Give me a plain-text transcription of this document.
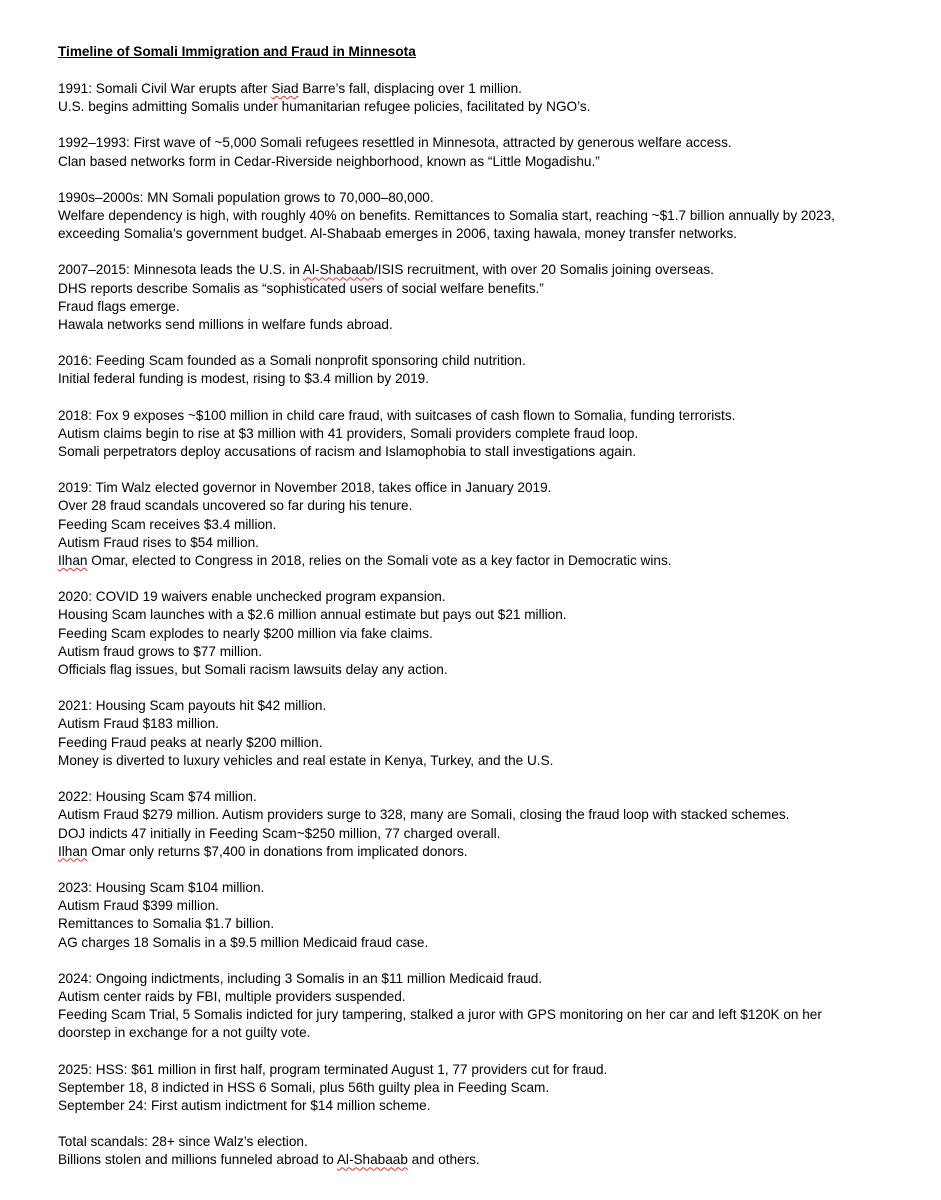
Timeline of Somali Immigration and Fraud in Minnesota
1991: Somali Civil War erupts after Siad Barre’s fall, displacing over 1 million.
U.S. begins admitting Somalis under humanitarian refugee policies, facilitated by NGO’s.
1992–1993: First wave of ~5,000 Somali refugees resettled in Minnesota, attracted by generous welfare access.
Clan based networks form in Cedar-Riverside neighborhood, known as “Little Mogadishu.”
1990s–2000s: MN Somali population grows to 70,000–80,000.
Welfare dependency is high, with roughly 40% on benefits. Remittances to Somalia start, reaching ~$1.7 billion annually by 2023,
exceeding Somalia’s government budget. Al-Shabaab emerges in 2006, taxing hawala, money transfer networks.
2007–2015: Minnesota leads the U.S. in Al-Shabaab/ISIS recruitment, with over 20 Somalis joining overseas.
DHS reports describe Somalis as “sophisticated users of social welfare benefits.”
Fraud flags emerge.
Hawala networks send millions in welfare funds abroad.
2016: Feeding Scam founded as a Somali nonprofit sponsoring child nutrition.
Initial federal funding is modest, rising to $3.4 million by 2019.
2018: Fox 9 exposes ~$100 million in child care fraud, with suitcases of cash flown to Somalia, funding terrorists.
Autism claims begin to rise at $3 million with 41 providers, Somali providers complete fraud loop.
Somali perpetrators deploy accusations of racism and Islamophobia to stall investigations again.
2019: Tim Walz elected governor in November 2018, takes office in January 2019.
Over 28 fraud scandals uncovered so far during his tenure.
Feeding Scam receives $3.4 million.
Autism Fraud rises to $54 million.
Ilhan Omar, elected to Congress in 2018, relies on the Somali vote as a key factor in Democratic wins.
2020: COVID 19 waivers enable unchecked program expansion.
Housing Scam launches with a $2.6 million annual estimate but pays out $21 million.
Feeding Scam explodes to nearly $200 million via fake claims.
Autism fraud grows to $77 million.
Officials flag issues, but Somali racism lawsuits delay any action.
2021: Housing Scam payouts hit $42 million.
Autism Fraud $183 million.
Feeding Fraud peaks at nearly $200 million.
Money is diverted to luxury vehicles and real estate in Kenya, Turkey, and the U.S.
2022: Housing Scam $74 million.
Autism Fraud $279 million. Autism providers surge to 328, many are Somali, closing the fraud loop with stacked schemes.
DOJ indicts 47 initially in Feeding Scam~$250 million, 77 charged overall.
Ilhan Omar only returns $7,400 in donations from implicated donors.
2023: Housing Scam $104 million.
Autism Fraud $399 million.
Remittances to Somalia $1.7 billion.
AG charges 18 Somalis in a $9.5 million Medicaid fraud case.
2024: Ongoing indictments, including 3 Somalis in an $11 million Medicaid fraud.
Autism center raids by FBI, multiple providers suspended.
Feeding Scam Trial, 5 Somalis indicted for jury tampering, stalked a juror with GPS monitoring on her car and left $120K on her
doorstep in exchange for a not guilty vote.
2025: HSS: $61 million in first half, program terminated August 1, 77 providers cut for fraud.
September 18, 8 indicted in HSS 6 Somali, plus 56th guilty plea in Feeding Scam.
September 24: First autism indictment for $14 million scheme.
Total scandals: 28+ since Walz’s election.
Billions stolen and millions funneled abroad to Al-Shabaab and others.
